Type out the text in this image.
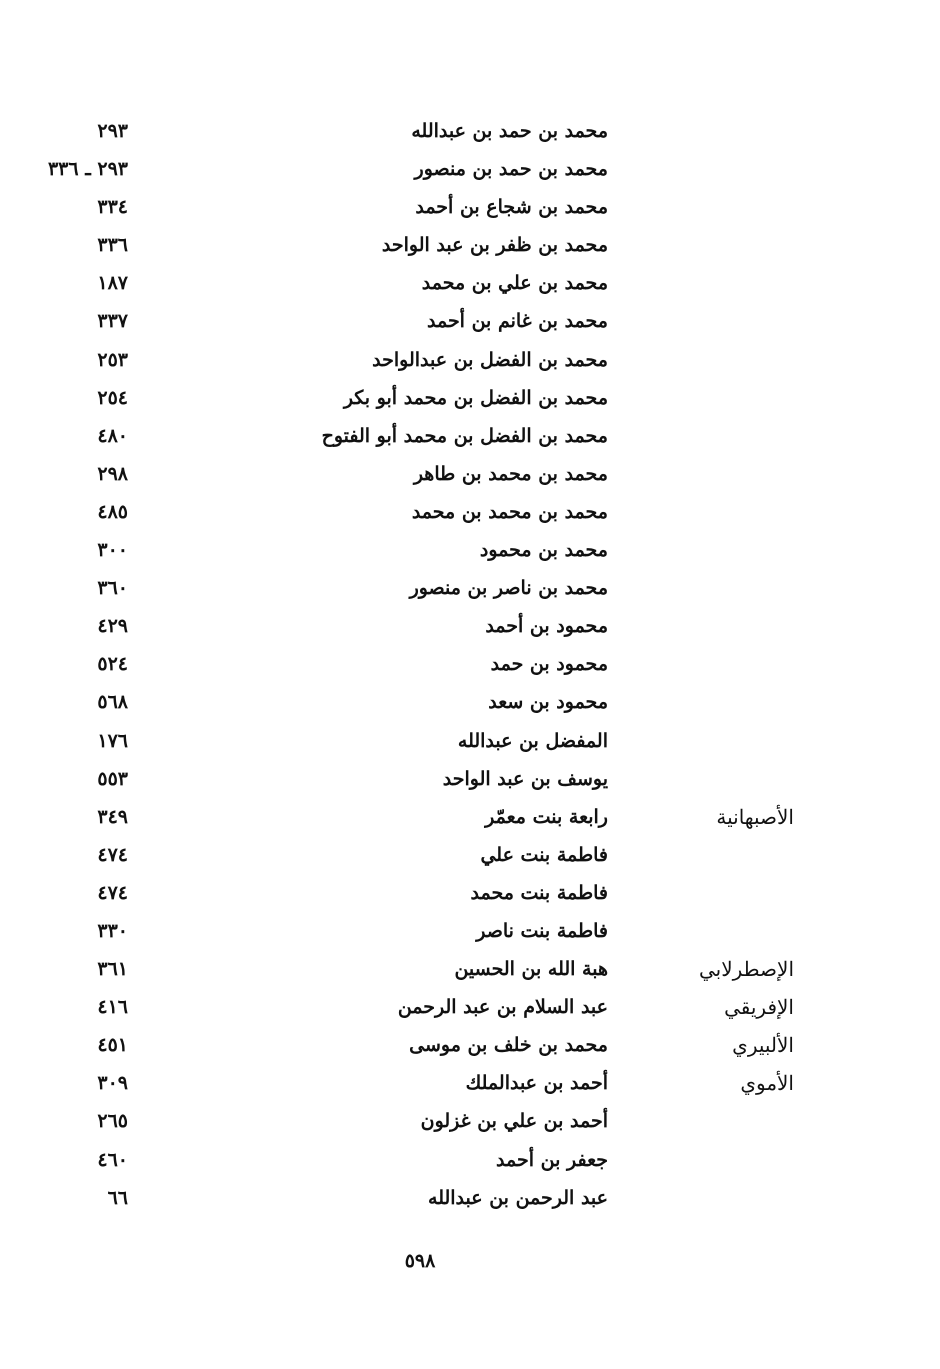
محمد بن حمد بن عبدالله
٢٩٣
محمد بن حمد بن منصور
٢٩٣ ـ ٣٣٦
محمد بن شجاع بن أحمد
٣٣٤
محمد بن ظفر بن عبد الواحد
٣٣٦
محمد بن علي بن محمد
١٨٧
محمد بن غانم بن أحمد
٣٣٧
محمد بن الفضل بن عبدالواحد
٢٥٣
محمد بن الفضل بن محمد أبو بكر
٢٥٤
محمد بن الفضل بن محمد أبو الفتوح
٤٨٠
محمد بن محمد بن طاهر
٢٩٨
محمد بن محمد بن محمد
٤٨٥
محمد بن محمود
٣٠٠
محمد بن ناصر بن منصور
٣٦٠
محمود بن أحمد
٤٢٩
محمود بن حمد
٥٢٤
محمود بن سعد
٥٦٨
المفضل بن عبدالله
١٧٦
يوسف بن عبد الواحد
٥٥٣
الأصبهانية
رابعة بنت معمّر
٣٤٩
فاطمة بنت علي
٤٧٤
فاطمة بنت محمد
٤٧٤
فاطمة بنت ناصر
٣٣٠
الإصطرلابي
هبة الله بن الحسين
٣٦١
الإفريقي
عبد السلام بن عبد الرحمن
٤١٦
الألبيري
محمد بن خلف بن موسى
٤٥١
الأموي
أحمد بن عبدالملك
٣٠٩
أحمد بن علي بن غزلون
٢٦٥
جعفر بن أحمد
٤٦٠
عبد الرحمن بن عبدالله
٦٦
٥٩٨
